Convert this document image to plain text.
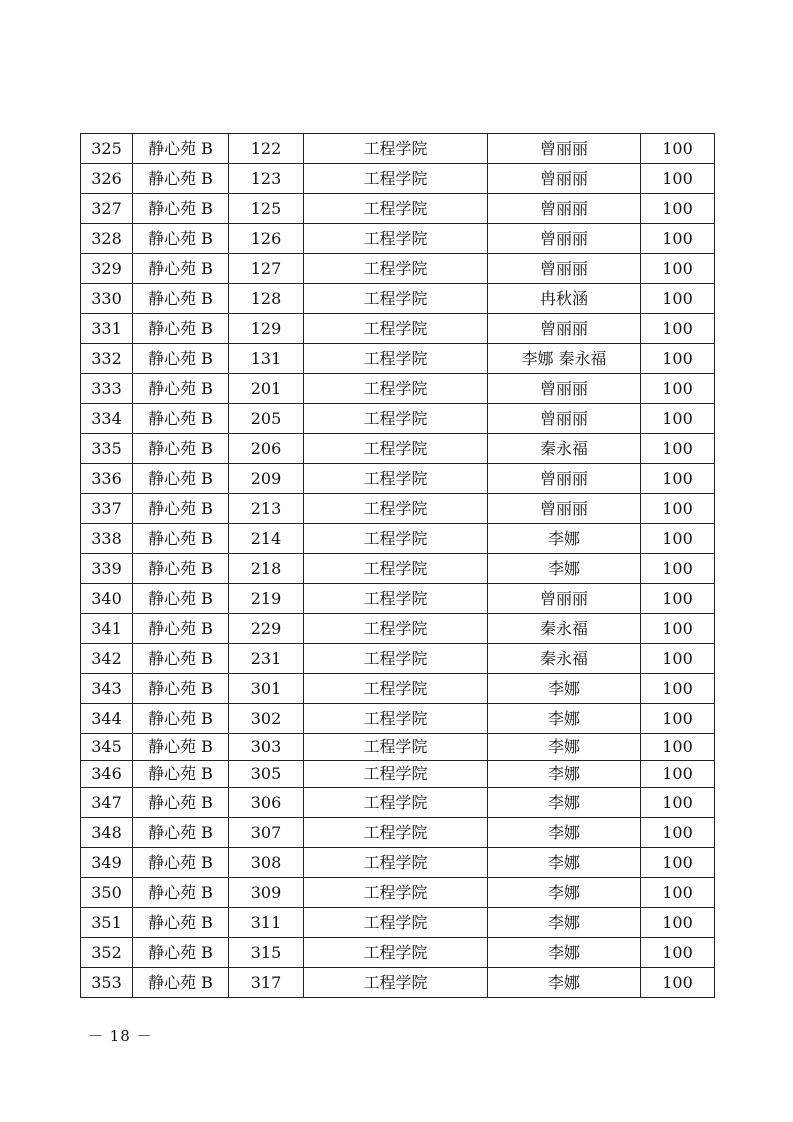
325	静心苑 B	122	工程学院	曾丽丽	100
326	静心苑 B	123	工程学院	曾丽丽	100
327	静心苑 B	125	工程学院	曾丽丽	100
328	静心苑 B	126	工程学院	曾丽丽	100
329	静心苑 B	127	工程学院	曾丽丽	100
330	静心苑 B	128	工程学院	冉秋涵	100
331	静心苑 B	129	工程学院	曾丽丽	100
332	静心苑 B	131	工程学院	李娜 秦永福	100
333	静心苑 B	201	工程学院	曾丽丽	100
334	静心苑 B	205	工程学院	曾丽丽	100
335	静心苑 B	206	工程学院	秦永福	100
336	静心苑 B	209	工程学院	曾丽丽	100
337	静心苑 B	213	工程学院	曾丽丽	100
338	静心苑 B	214	工程学院	李娜	100
339	静心苑 B	218	工程学院	李娜	100
340	静心苑 B	219	工程学院	曾丽丽	100
341	静心苑 B	229	工程学院	秦永福	100
342	静心苑 B	231	工程学院	秦永福	100
343	静心苑 B	301	工程学院	李娜	100
344	静心苑 B	302	工程学院	李娜	100
345	静心苑 B	303	工程学院	李娜	100
346	静心苑 B	305	工程学院	李娜	100
347	静心苑 B	306	工程学院	李娜	100
348	静心苑 B	307	工程学院	李娜	100
349	静心苑 B	308	工程学院	李娜	100
350	静心苑 B	309	工程学院	李娜	100
351	静心苑 B	311	工程学院	李娜	100
352	静心苑 B	315	工程学院	李娜	100
353	静心苑 B	317	工程学院	李娜	100
－ 18 －
